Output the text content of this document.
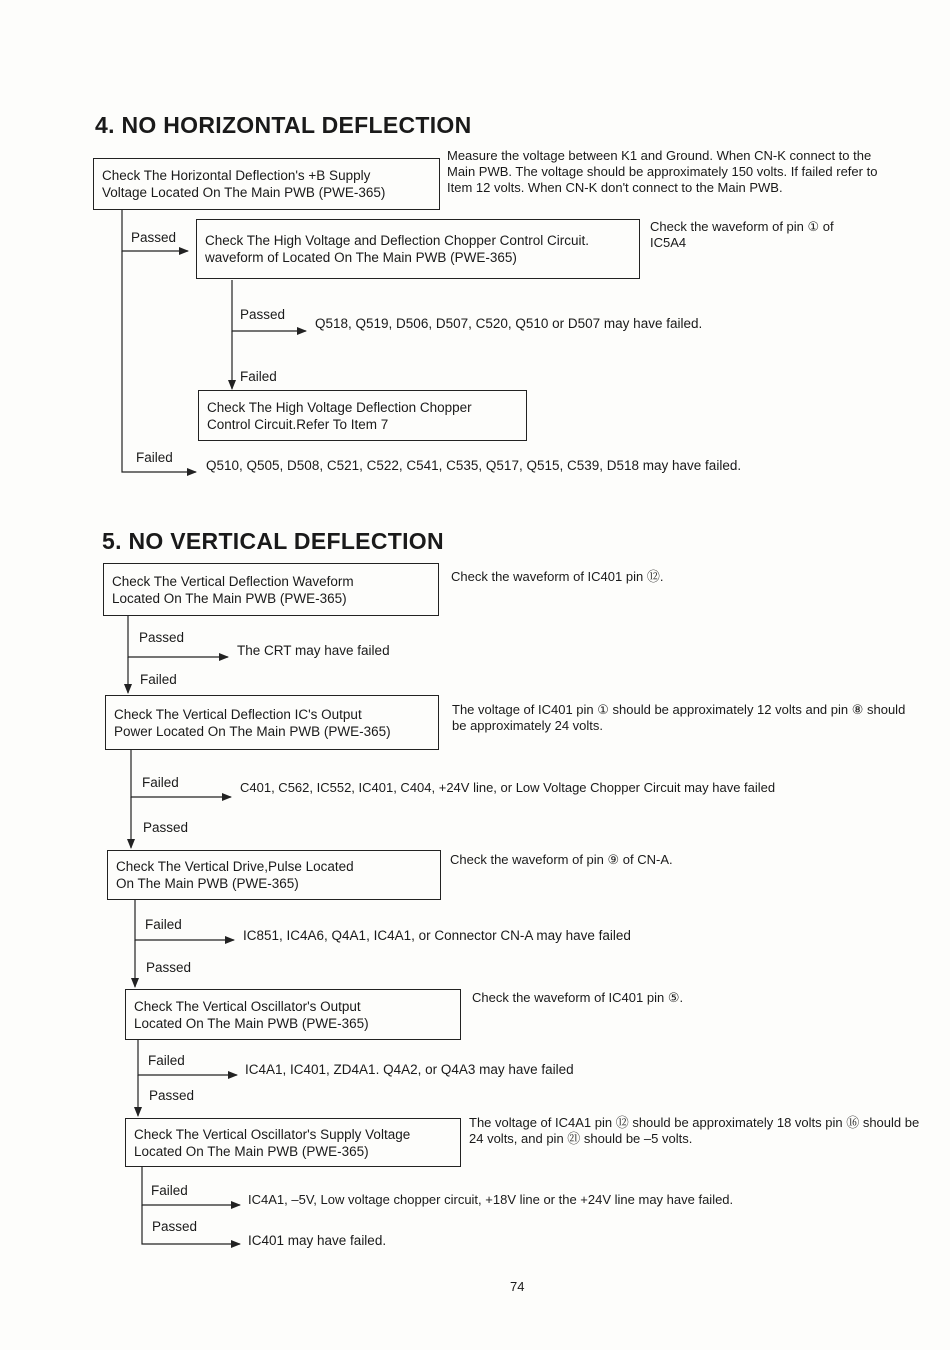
4. NO HORIZONTAL DEFLECTION
Check The Horizontal Deflection's +B Supply
Voltage Located On The Main PWB (PWE-365)
Measure the voltage between K1 and Ground. When CN-K connect to the Main PWB. The voltage should be approximately 150 volts. If failed refer to Item 12 volts. When CN-K don't connect to the Main PWB.
Passed Check The High Voltage and Deflection Chopper Control Circuit.
waveform of Located On The Main PWB (PWE-365)
Check the waveform of pin ① of
IC5A4
Passed
Q518, Q519, D506, D507, C520, Q510 or D507 may have failed.
Failed
Check The High Voltage Deflection Chopper
Control Circuit.Refer To Item 7
Failed
Q510, Q505, D508, C521, C522, C541, C535, Q517, Q515, C539, D518 may have failed.
5. NO VERTICAL DEFLECTION
Check The Vertical Deflection Waveform
Located On The Main PWB (PWE-365)
Check the waveform of IC401 pin ⑫.
Passed
The CRT may have failed
Failed
Check The Vertical Deflection IC's Output
Power Located On The Main PWB (PWE-365)
The voltage of IC401 pin ① should be approximately 12 volts and pin ⑧ should be approximately 24 volts.
Failed	C401, C562, IC552, IC401, C404, +24V line, or Low Voltage Chopper Circuit may have failed
Passed
Check The Vertical Drive,Pulse Located
On The Main PWB (PWE-365)
Check the waveform of pin ⑨ of CN-A.
Failed
IC851, IC4A6, Q4A1, IC4A1, or Connector CN-A may have failed
Passed
Check The Vertical Oscillator's Output
Located On The Main PWB (PWE-365)
Check the waveform of IC401 pin ⑤.
Failed
IC4A1, IC401, ZD4A1. Q4A2, or Q4A3 may have failed
Passed
Check The Vertical Oscillator's Supply Voltage
Located On The Main PWB (PWE-365)
The voltage of IC4A1 pin ⑫ should be approximately 18 volts pin ⑯ should be 24 volts, and pin ㉑ should be –5 volts.
Failed
IC4A1, –5V, Low voltage chopper circuit, +18V line or the +24V line may have failed.
Passed
IC401 may have failed.
74
